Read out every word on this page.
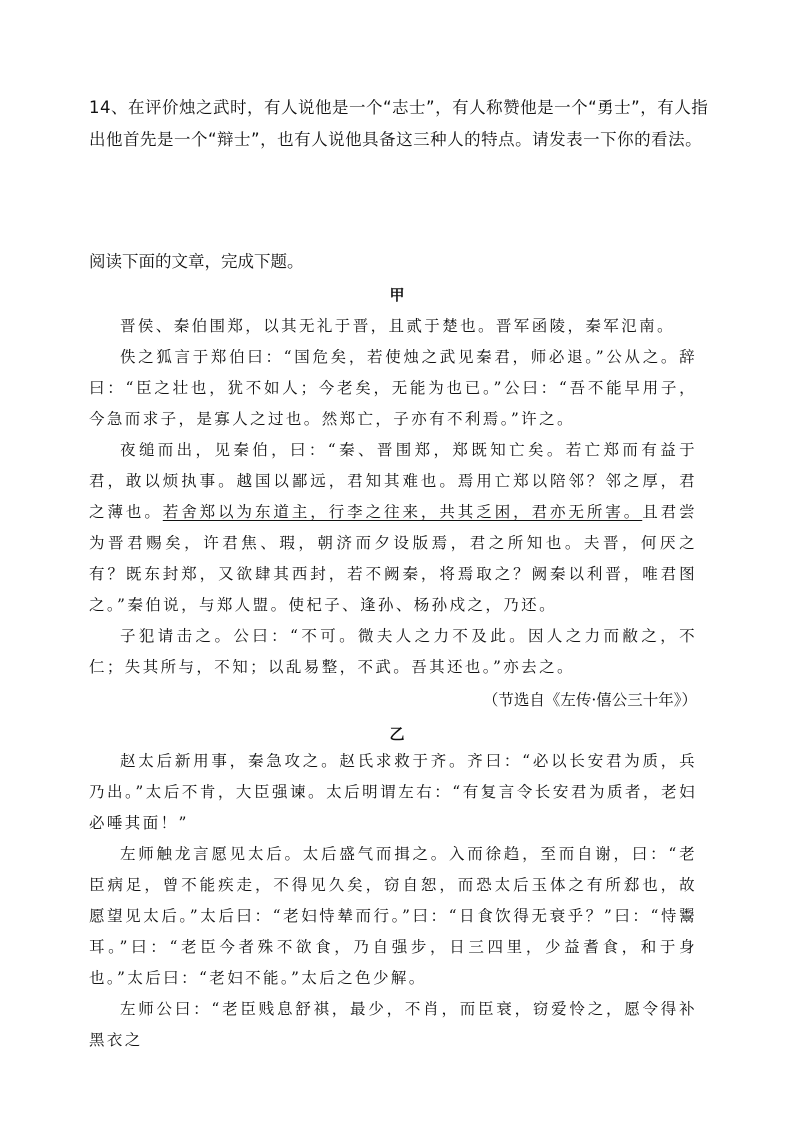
14、在评价烛之武时，有人说他是一个“志士”，有人称赞他是一个“勇士”，有人指出他首先是一个“辩士”，也有人说他具备这三种人的特点。请发表一下你的看法。
阅读下面的文章，完成下题。
甲

晋侯、秦伯围郑，以其无礼于晋，且贰于楚也。晋军函陵，秦军氾南。

佚之狐言于郑伯曰：“国危矣，若使烛之武见秦君，师必退。”公从之。辞曰：“臣之壮也，犹不如人；今老矣，无能为也已。”公曰：“吾不能早用子，今急而求子，是寡人之过也。然郑亡，子亦有不利焉。”许之。

夜缒而出，见秦伯，曰：“秦、晋围郑，郑既知亡矣。若亡郑而有益于君，敢以烦执事。越国以鄙远，君知其难也。焉用亡郑以陪邻？邻之厚，君之薄也。若舍郑以为东道主，行李之往来，共其乏困，君亦无所害。且君尝为晋君赐矣，许君焦、瑕，朝济而夕设版焉，君之所知也。夫晋，何厌之有？既东封郑，又欲肆其西封，若不阙秦，将焉取之？阙秦以利晋，唯君图之。”秦伯说，与郑人盟。使杞子、逢孙、杨孙戍之，乃还。

子犯请击之。公曰：“不可。微夫人之力不及此。因人之力而敝之，不仁；失其所与，不知；以乱易整，不武。吾其还也。”亦去之。

（节选自《左传·僖公三十年》）
乙

赵太后新用事，秦急攻之。赵氏求救于齐。齐曰：“必以长安君为质，兵乃出。”太后不肯，大臣强谏。太后明谓左右：“有复言令长安君为质者，老妇必唾其面！”

左师触龙言愿见太后。太后盛气而揖之。入而徐趋，至而自谢，曰：“老臣病足，曾不能疾走，不得见久矣，窃自恕，而恐太后玉体之有所郄也，故愿望见太后。”太后曰：“老妇恃辇而行。”曰：“日食饮得无衰乎？”曰：“恃鬻耳。”曰：“老臣今者殊不欲食，乃自强步，日三四里，少益耆食，和于身也。”太后曰：“老妇不能。”太后之色少解。

左师公曰：“老臣贱息舒祺，最少，不肖，而臣衰，窃爱怜之，愿令得补黑衣之
